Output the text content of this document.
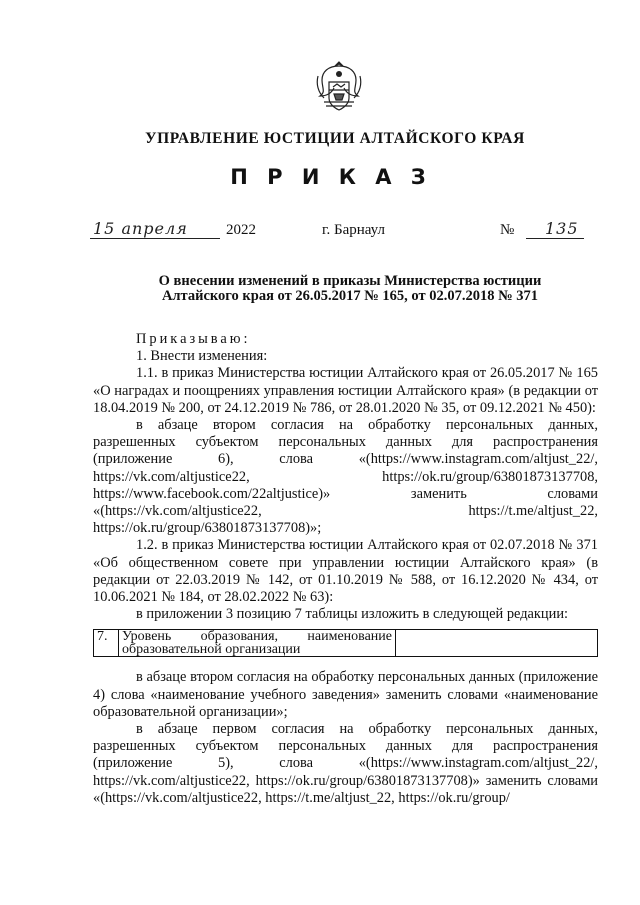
УПРАВЛЕНИЕ ЮСТИЦИИ АЛТАЙСКОГО КРАЯ
П Р И К А З
15 апреля	2022	г. Барнаул	№ 135
О внесении изменений в приказы Министерства юстиции Алтайского края от 26.05.2017 № 165, от 02.07.2018 № 371

Приказываю:

1. Внести изменения:

1.1. в приказ Министерства юстиции Алтайского края от 26.05.2017 № 165 «О наградах и поощрениях управления юстиции Алтайского края» (в редакции от 18.04.2019 № 200, от 24.12.2019 № 786, от 28.01.2020 № 35, от 09.12.2021 № 450):

в абзаце втором согласия на обработку персональных данных, разрешенных субъектом персональных данных для распространения (приложение 6), слова «(https://www.instagram.com/altjust_22/, https://vk.com/altjustice22, https://ok.ru/group/63801873137708, https://www.facebook.com/22altjustice)» заменить словами «(https://vk.com/altjustice22, https://t.me/altjust_22, https://ok.ru/group/63801873137708)»;

1.2. в приказ Министерства юстиции Алтайского края от 02.07.2018 № 371 «Об общественном совете при управлении юстиции Алтайского края» (в редакции от 22.03.2019 № 142, от 01.10.2019 № 588, от 16.12.2020 № 434, от 10.06.2021 № 184, от 28.02.2022 № 63):

в приложении 3 позицию 7 таблицы изложить в следующей редакции:

7.	Уровень образования, наименование образовательной организации	

в абзаце втором согласия на обработку персональных данных (приложение 4) слова «наименование учебного заведения» заменить словами «наименование образовательной организации»;

в абзаце первом согласия на обработку персональных данных, разрешенных субъектом персональных данных для распространения (приложение 5), слова «(https://www.instagram.com/altjust_22/, https://vk.com/altjustice22, https://ok.ru/group/63801873137708)» заменить словами «(https://vk.com/altjustice22, https://t.me/altjust_22, https://ok.ru/group/
